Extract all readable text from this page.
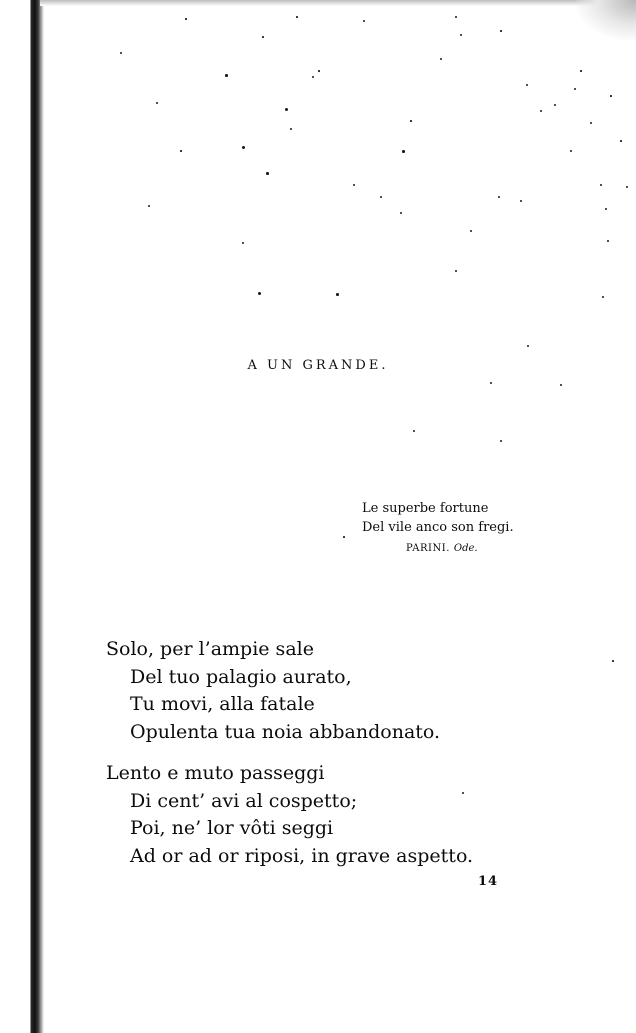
A UN GRANDE.
Le superbe fortune
Del vile anco son fregi.
PARINI. Ode.
Solo, per l’ampie sale
Del tuo palagio aurato,
Tu movi, alla fatale
Opulenta tua noia abbandonato.
Lento e muto passeggi
Di cent’ avi al cospetto;
Poi, ne’ lor vôti seggi
Ad or ad or riposi, in grave aspetto.
14
